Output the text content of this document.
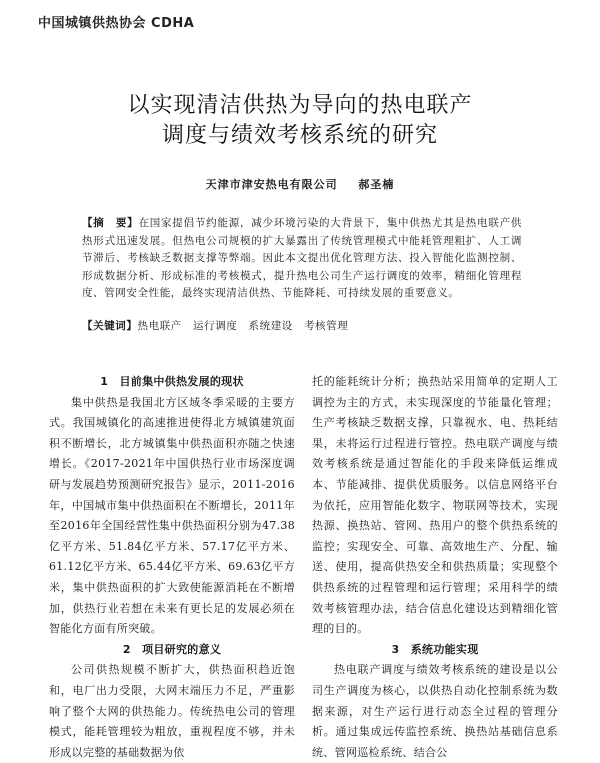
中国城镇供热协会 CDHA
以实现清洁供热为导向的热电联产
调度与绩效考核系统的研究
天津市津安热电有限公司 郝圣楠
【摘　要】在国家提倡节约能源，减少环境污染的大背景下，集中供热尤其是热电联产供热形式迅速发展。但热电公司规模的扩大暴露出了传统管理模式中能耗管理粗扩、人工调节滞后、考核缺乏数据支撑等弊端。因此本文提出优化管理方法、投入智能化监测控制、形成数据分析、形成标准的考核模式，提升热电公司生产运行调度的效率，精细化管理程度、管网安全性能，最终实现清洁供热、节能降耗、可持续发展的重要意义。
【关键词】热电联产　运行调度　系统建设　考核管理
1　目前集中供热发展的现状

集中供热是我国北方区域冬季采暖的主要方式。我国城镇化的高速推进使得北方城镇建筑面积不断增长，北方城镇集中供热面积亦随之快速增长。《2017-2021年中国供热行业市场深度调研与发展趋势预测研究报告》显示，2011-2016年，中国城市集中供热面积在不断增长，2011年至2016年全国经营性集中供热面积分别为47.38亿平方米、51.84亿平方米、57.17亿平方米、61.12亿平方米、65.44亿平方米、69.63亿平方米，集中供热面积的扩大致使能源消耗在不断增加，供热行业若想在未来有更长足的发展必须在智能化方面有所突破。

2　项目研究的意义

公司供热规模不断扩大，供热面积趋近饱和，电厂出力受限，大网末端压力不足，严重影响了整个大网的供热能力。传统热电公司的管理模式，能耗管理较为粗放，重视程度不够，并未形成以完整的基础数据为依

托的能耗统计分析；换热站采用简单的定期人工调控为主的方式，未实现深度的节能量化管理；生产考核缺乏数据支撑，只靠视水、电、热耗结果，未将运行过程进行管控。热电联产调度与绩效考核系统是通过智能化的手段来降低运维成本、节能减排、提供优质服务。以信息网络平台为依托，应用智能化数字、物联网等技术，实现热源、换热站、管网、热用户的整个供热系统的监控；实现安全、可靠、高效地生产、分配、输送、使用，提高供热安全和供热质量；实现整个供热系统的过程管理和运行管理；采用科学的绩效考核管理办法，结合信息化建设达到精细化管理的目的。

3　系统功能实现

热电联产调度与绩效考核系统的建设是以公司生产调度为核心，以供热自动化控制系统为数据来源，对生产运行进行动态全过程的管理分析。通过集成远传监控系统、换热站基础信息系统、管网巡检系统、结合公
